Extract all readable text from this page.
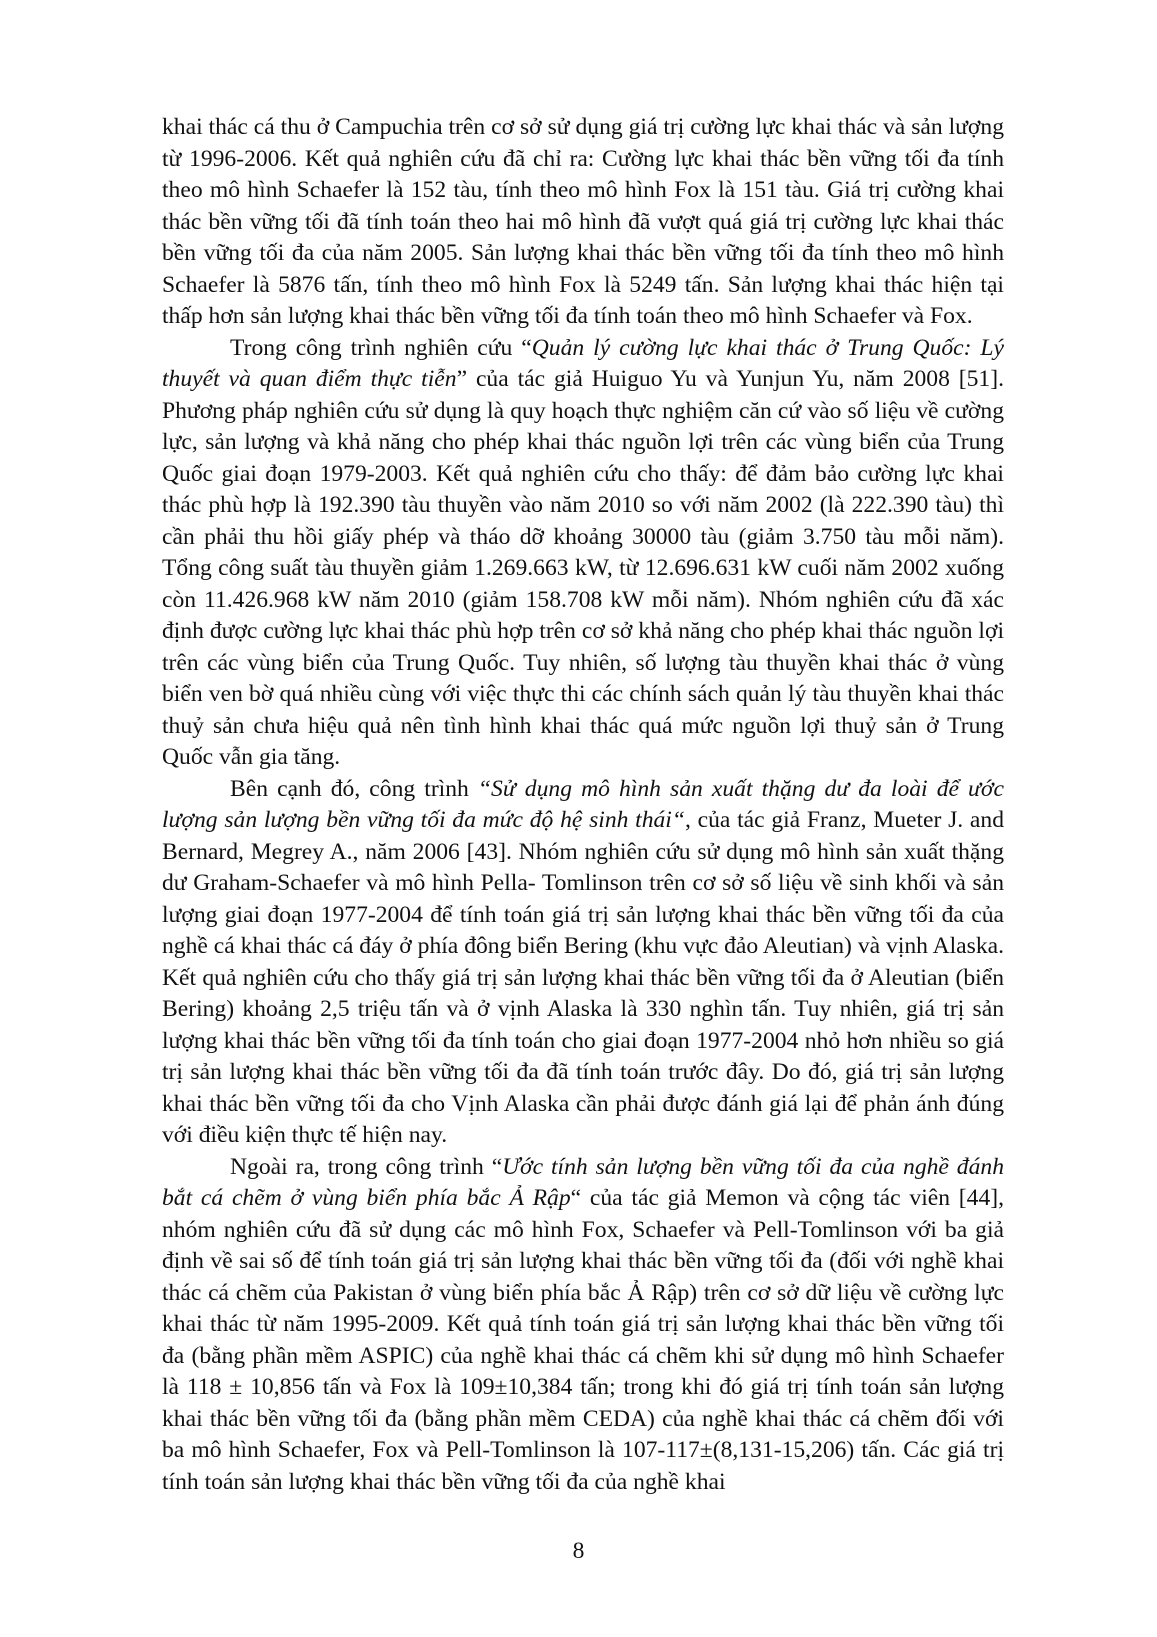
khai thác cá thu ở Campuchia trên cơ sở sử dụng giá trị cường lực khai thác và sản lượng từ 1996-2006. Kết quả nghiên cứu đã chỉ ra: Cường lực khai thác bền vững tối đa tính theo mô hình Schaefer là 152 tàu, tính theo mô hình Fox là 151 tàu. Giá trị cường khai thác bền vững tối đã tính toán theo hai mô hình đã vượt quá giá trị cường lực khai thác bền vững tối đa của năm 2005. Sản lượng khai thác bền vững tối đa tính theo mô hình Schaefer là 5876 tấn, tính theo mô hình Fox là 5249 tấn. Sản lượng khai thác hiện tại thấp hơn sản lượng khai thác bền vững tối đa tính toán theo mô hình Schaefer và Fox.

Trong công trình nghiên cứu “Quản lý cường lực khai thác ở Trung Quốc: Lý thuyết và quan điểm thực tiễn” của tác giả Huiguo Yu và Yunjun Yu, năm 2008 [51]. Phương pháp nghiên cứu sử dụng là quy hoạch thực nghiệm căn cứ vào số liệu về cường lực, sản lượng và khả năng cho phép khai thác nguồn lợi trên các vùng biển của Trung Quốc giai đoạn 1979-2003. Kết quả nghiên cứu cho thấy: để đảm bảo cường lực khai thác phù hợp là 192.390 tàu thuyền vào năm 2010 so với năm 2002 (là 222.390 tàu) thì cần phải thu hồi giấy phép và tháo dỡ khoảng 30000 tàu (giảm 3.750 tàu mỗi năm). Tổng công suất tàu thuyền giảm 1.269.663 kW, từ 12.696.631 kW cuối năm 2002 xuống còn 11.426.968 kW năm 2010 (giảm 158.708 kW mỗi năm). Nhóm nghiên cứu đã xác định được cường lực khai thác phù hợp trên cơ sở khả năng cho phép khai thác nguồn lợi trên các vùng biển của Trung Quốc. Tuy nhiên, số lượng tàu thuyền khai thác ở vùng biển ven bờ quá nhiều cùng với việc thực thi các chính sách quản lý tàu thuyền khai thác thuỷ sản chưa hiệu quả nên tình hình khai thác quá mức nguồn lợi thuỷ sản ở Trung Quốc vẫn gia tăng.

Bên cạnh đó, công trình “Sử dụng mô hình sản xuất thặng dư đa loài để ước lượng sản lượng bền vững tối đa mức độ hệ sinh thái“, của tác giả Franz, Mueter J. and Bernard, Megrey A., năm 2006 [43]. Nhóm nghiên cứu sử dụng mô hình sản xuất thặng dư Graham-Schaefer và mô hình Pella- Tomlinson trên cơ sở số liệu về sinh khối và sản lượng giai đoạn 1977-2004 để tính toán giá trị sản lượng khai thác bền vững tối đa của nghề cá khai thác cá đáy ở phía đông biển Bering (khu vực đảo Aleutian) và vịnh Alaska. Kết quả nghiên cứu cho thấy giá trị sản lượng khai thác bền vững tối đa ở Aleutian (biển Bering) khoảng 2,5 triệu tấn và ở vịnh Alaska là 330 nghìn tấn. Tuy nhiên, giá trị sản lượng khai thác bền vững tối đa tính toán cho giai đoạn 1977-2004 nhỏ hơn nhiều so giá trị sản lượng khai thác bền vững tối đa đã tính toán trước đây. Do đó, giá trị sản lượng khai thác bền vững tối đa cho Vịnh Alaska cần phải được đánh giá lại để phản ánh đúng với điều kiện thực tế hiện nay.

Ngoài ra, trong công trình “Ước tính sản lượng bền vững tối đa của nghề đánh bắt cá chẽm ở vùng biển phía bắc Ả Rập“ của tác giả Memon và cộng tác viên [44], nhóm nghiên cứu đã sử dụng các mô hình Fox, Schaefer và Pell-Tomlinson với ba giả định về sai số để tính toán giá trị sản lượng khai thác bền vững tối đa (đối với nghề khai thác cá chẽm của Pakistan ở vùng biển phía bắc Ả Rập) trên cơ sở dữ liệu về cường lực khai thác từ năm 1995-2009. Kết quả tính toán giá trị sản lượng khai thác bền vững tối đa (bằng phần mềm ASPIC) của nghề khai thác cá chẽm khi sử dụng mô hình Schaefer là 118 ± 10,856 tấn và Fox là 109±10,384 tấn; trong khi đó giá trị tính toán sản lượng khai thác bền vững tối đa (bằng phần mềm CEDA) của nghề khai thác cá chẽm đối với ba mô hình Schaefer, Fox và Pell-Tomlinson là 107-117±(8,131-15,206) tấn. Các giá trị tính toán sản lượng khai thác bền vững tối đa của nghề khai

8
